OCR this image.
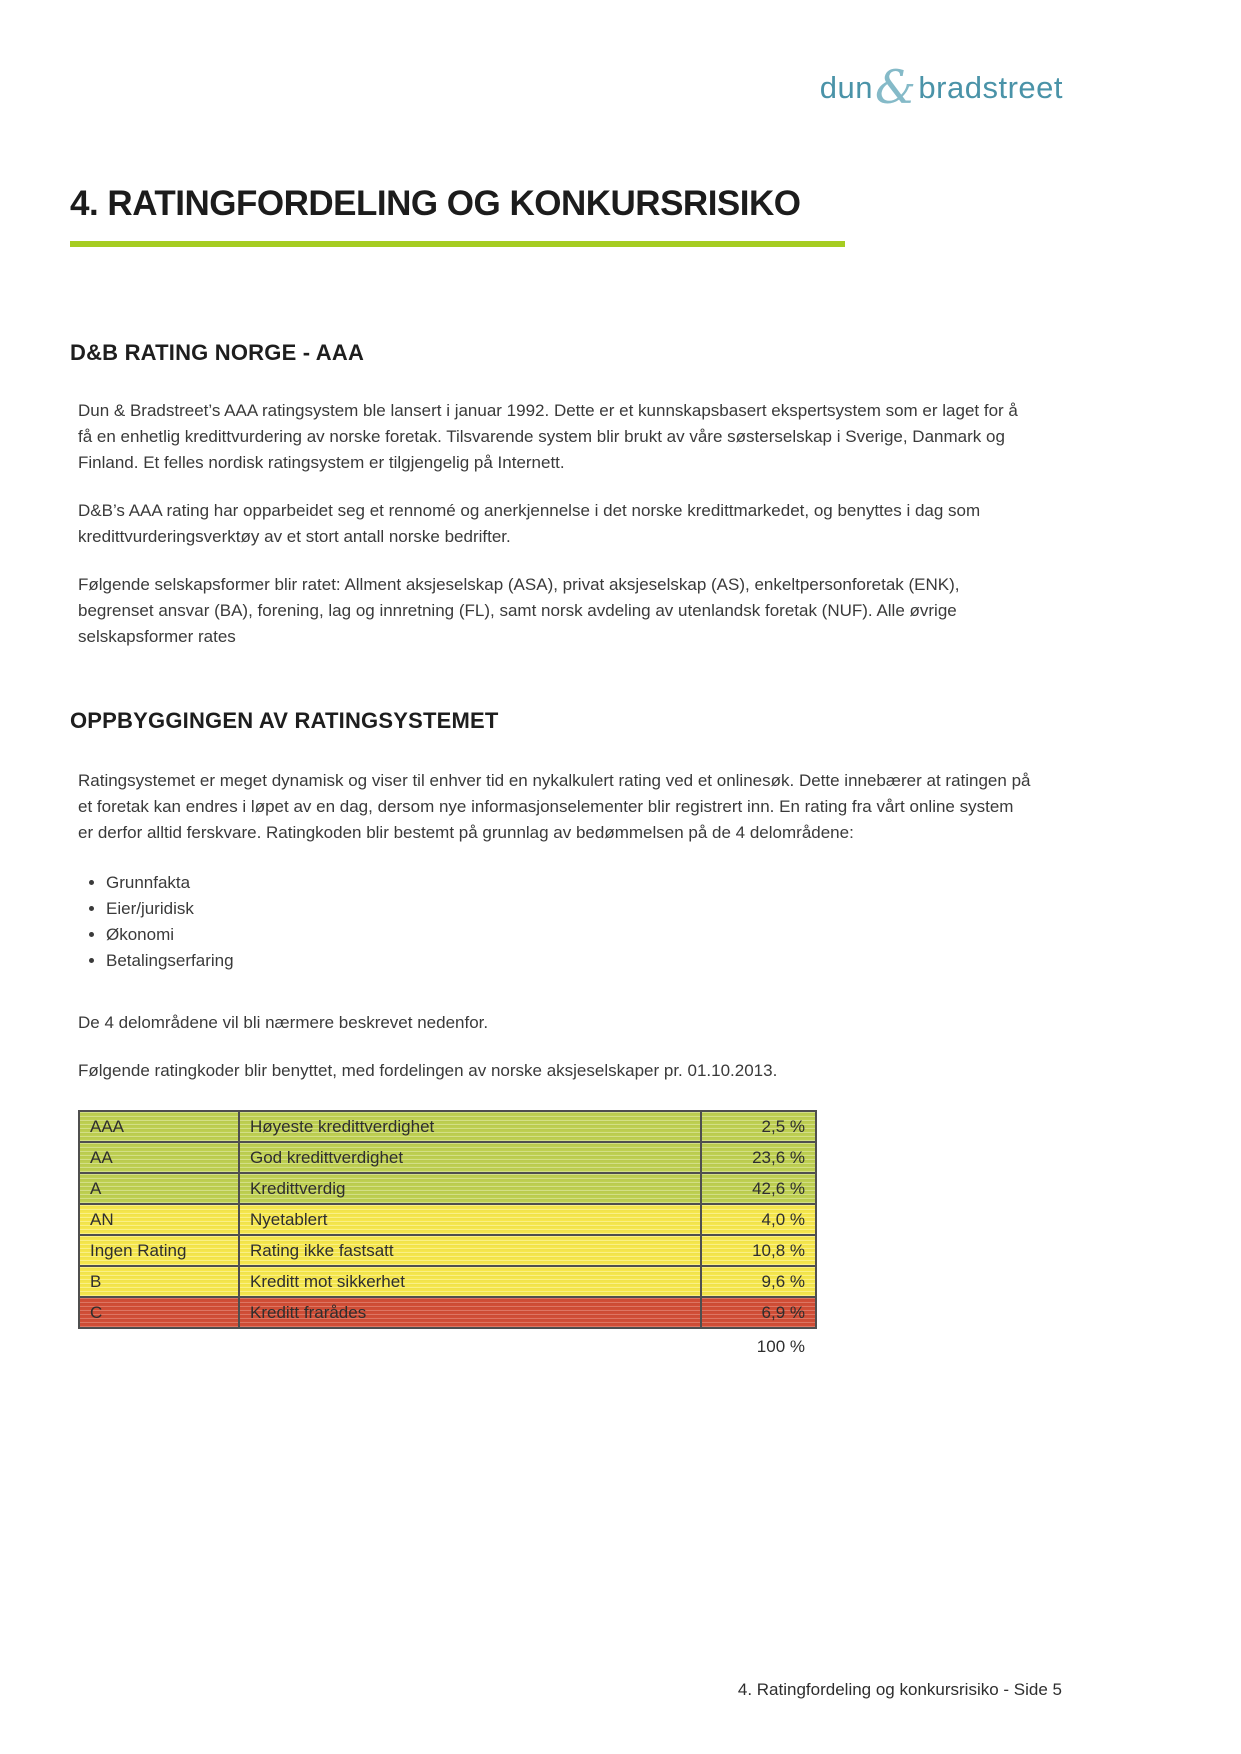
dun & bradstreet
4. RATINGFORDELING OG KONKURSRISIKO
D&B RATING NORGE - AAA

Dun & Bradstreet’s AAA ratingsystem ble lansert i januar 1992. Dette er et kunnskapsbasert ekspertsystem som er laget for å få en enhetlig kredittvurdering av norske foretak. Tilsvarende system blir brukt av våre søsterselskap i Sverige, Danmark og Finland. Et felles nordisk ratingsystem er tilgjengelig på Internett.

D&B’s AAA rating har opparbeidet seg et rennomé og anerkjennelse i det norske kredittmarkedet, og benyttes i dag som kredittvurderingsverktøy av et stort antall norske bedrifter.

Følgende selskapsformer blir ratet: Allment aksjeselskap (ASA), privat aksjeselskap (AS), enkeltpersonforetak (ENK), begrenset ansvar (BA), forening, lag og innretning (FL), samt norsk avdeling av utenlandsk foretak (NUF). Alle øvrige selskapsformer rates

OPPBYGGINGEN AV RATINGSYSTEMET

Ratingsystemet er meget dynamisk og viser til enhver tid en nykalkulert rating ved et onlinesøk. Dette innebærer at ratingen på et foretak kan endres i løpet av en dag, dersom nye informasjonselementer blir registrert inn. En rating fra vårt online system er derfor alltid ferskvare. Ratingkoden blir bestemt på grunnlag av bedømmelsen på de 4 delområdene:

• Grunnfakta
• Eier/juridisk
• Økonomi
• Betalingserfaring

De 4 delområdene vil bli nærmere beskrevet nedenfor.

Følgende ratingkoder blir benyttet, med fordelingen av norske aksjeselskaper pr. 01.10.2013.

AAA	Høyeste kredittverdighet	2,5 %
AA	God kredittverdighet	23,6 %
A	Kredittverdig	42,6 %
AN	Nyetablert	4,0 %
Ingen Rating	Rating ikke fastsatt	10,8 %
B	Kreditt mot sikkerhet	9,6 %
C	Kreditt frarådes	6,9 %
100 %
4. Ratingfordeling og konkursrisiko - Side 5
